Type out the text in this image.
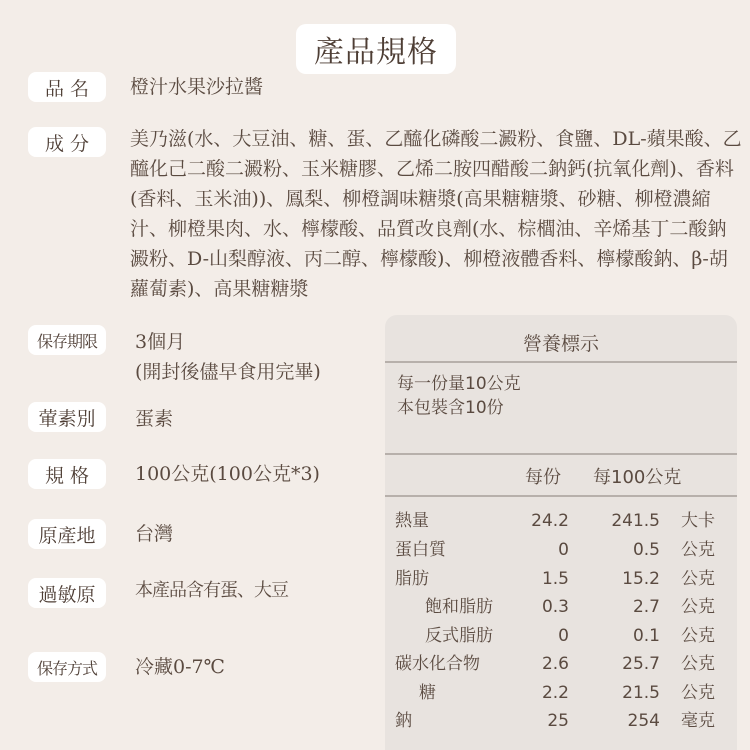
產品規格
品 名	橙汁水果沙拉醬
成 分	美乃滋(水、大豆油、糖、蛋、乙醯化磷酸二澱粉、食鹽、DL-蘋果酸、乙醯化己二酸二澱粉、玉米糖膠、乙烯二胺四醋酸二鈉鈣(抗氧化劑)、香料(香料、玉米油))、鳳梨、柳橙調味糖漿(高果糖糖漿、砂糖、柳橙濃縮汁、柳橙果肉、水、檸檬酸、品質改良劑(水、棕櫚油、辛烯基丁二酸鈉澱粉、D-山梨醇液、丙二醇、檸檬酸)、柳橙液體香料、檸檬酸鈉、β-胡蘿蔔素)、高果糖糖漿
保存期限	3個月
(開封後儘早食用完畢)
葷素別	蛋素
規 格	100公克(100公克*3)
原產地	台灣
過敏原	本產品含有蛋、大豆
保存方式	冷藏0-7℃
營養標示
每一份量10公克
本包裝含10份
每份 每100公克
熱量	24.2 241.5 大卡
蛋白質	0	0.5 公克
脂肪	1.5	15.2 公克
飽和脂肪	0.3	2.7 公克
反式脂肪	0	0.1 公克
碳水化合物	2.6	25.7 公克
糖	2.2	21.5 公克
鈉	25	254 毫克
